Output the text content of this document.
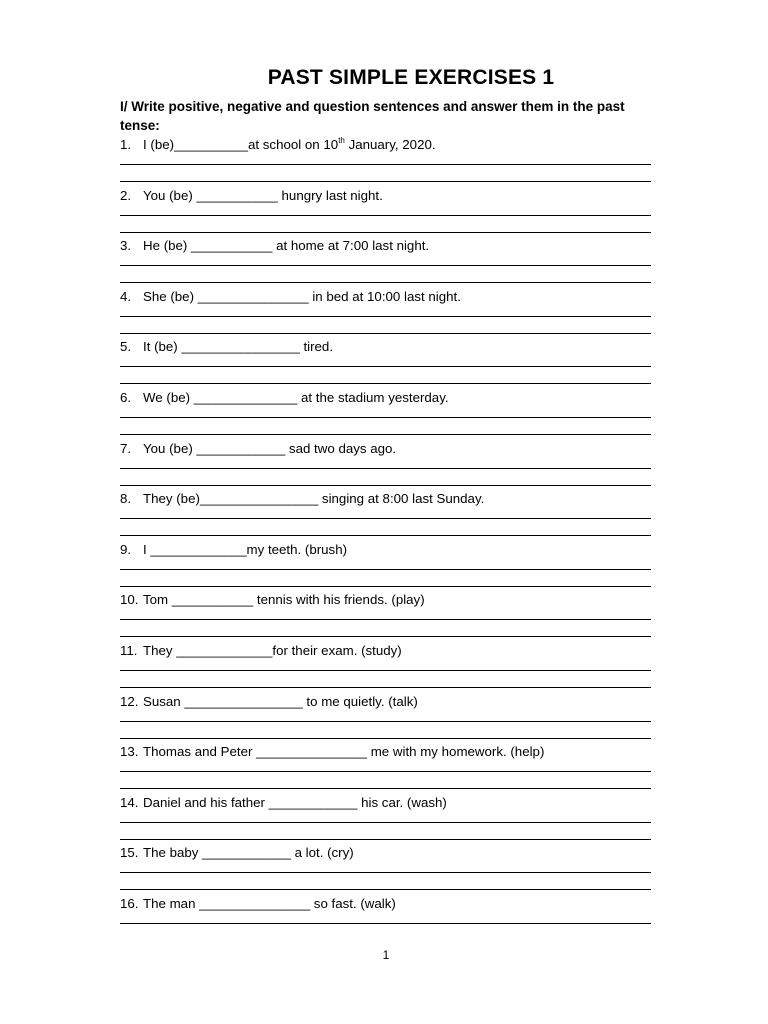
PAST SIMPLE EXERCISES 1

I/ Write positive, negative and question sentences and answer them in the past tense:

1. I (be)__________at school on 10th January, 2020.
2. You (be) ___________ hungry last night.
3. He (be) ___________ at home at 7:00 last night.
4. She (be) _______________ in bed at 10:00 last night.
5. It (be) ________________ tired.
6. We (be) ______________ at the stadium yesterday.
7. You (be) ____________ sad two days ago.
8. They (be)________________ singing at 8:00 last Sunday.
9. I _____________my teeth. (brush)
10. Tom ___________ tennis with his friends. (play)
11. They _____________for their exam. (study)
12. Susan ________________ to me quietly. (talk)
13. Thomas and Peter _______________ me with my homework. (help)
14. Daniel and his father ____________ his car. (wash)
15. The baby ____________ a lot. (cry)
16. The man _______________ so fast. (walk)

1
